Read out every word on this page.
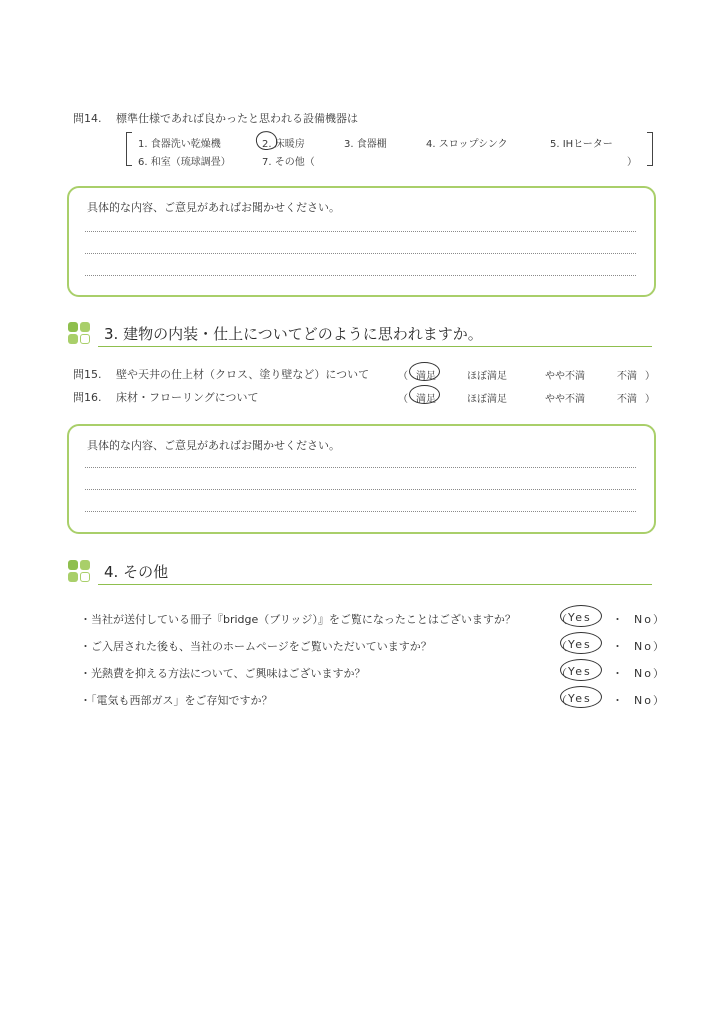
問14. 標準仕様であれば良かったと思われる設備機器は
1. 食器洗い乾燥機	2. 床暖房	3. 食器棚	4. スロップシンク	5. IHヒーター
6. 和室（琉球調畳）	7. その他（	）
具体的な内容、ご意見があればお聞かせください。
3. 建物の内装・仕上についてどのように思われますか。
問15. 壁や天井の仕上材（クロス、塗り壁など）について	（ 満足	ほぼ満足	やや不満	不満 ）
問16. 床材・フローリングについて	（ 満足	ほぼ満足	やや不満	不満 ）
具体的な内容、ご意見があればお聞かせください。
4. その他
・当社が送付している冊子『bridge（ブリッジ）』をご覧になったことはございますか？	（ Yes ・ No）
・ご入居された後も、当社のホームページをご覧いただいていますか？	（ Yes ・ No）
・光熱費を抑える方法について、ご興味はございますか？	（ Yes ・ No）
・「電気も西部ガス」をご存知ですか？	（ Yes ・ No）
